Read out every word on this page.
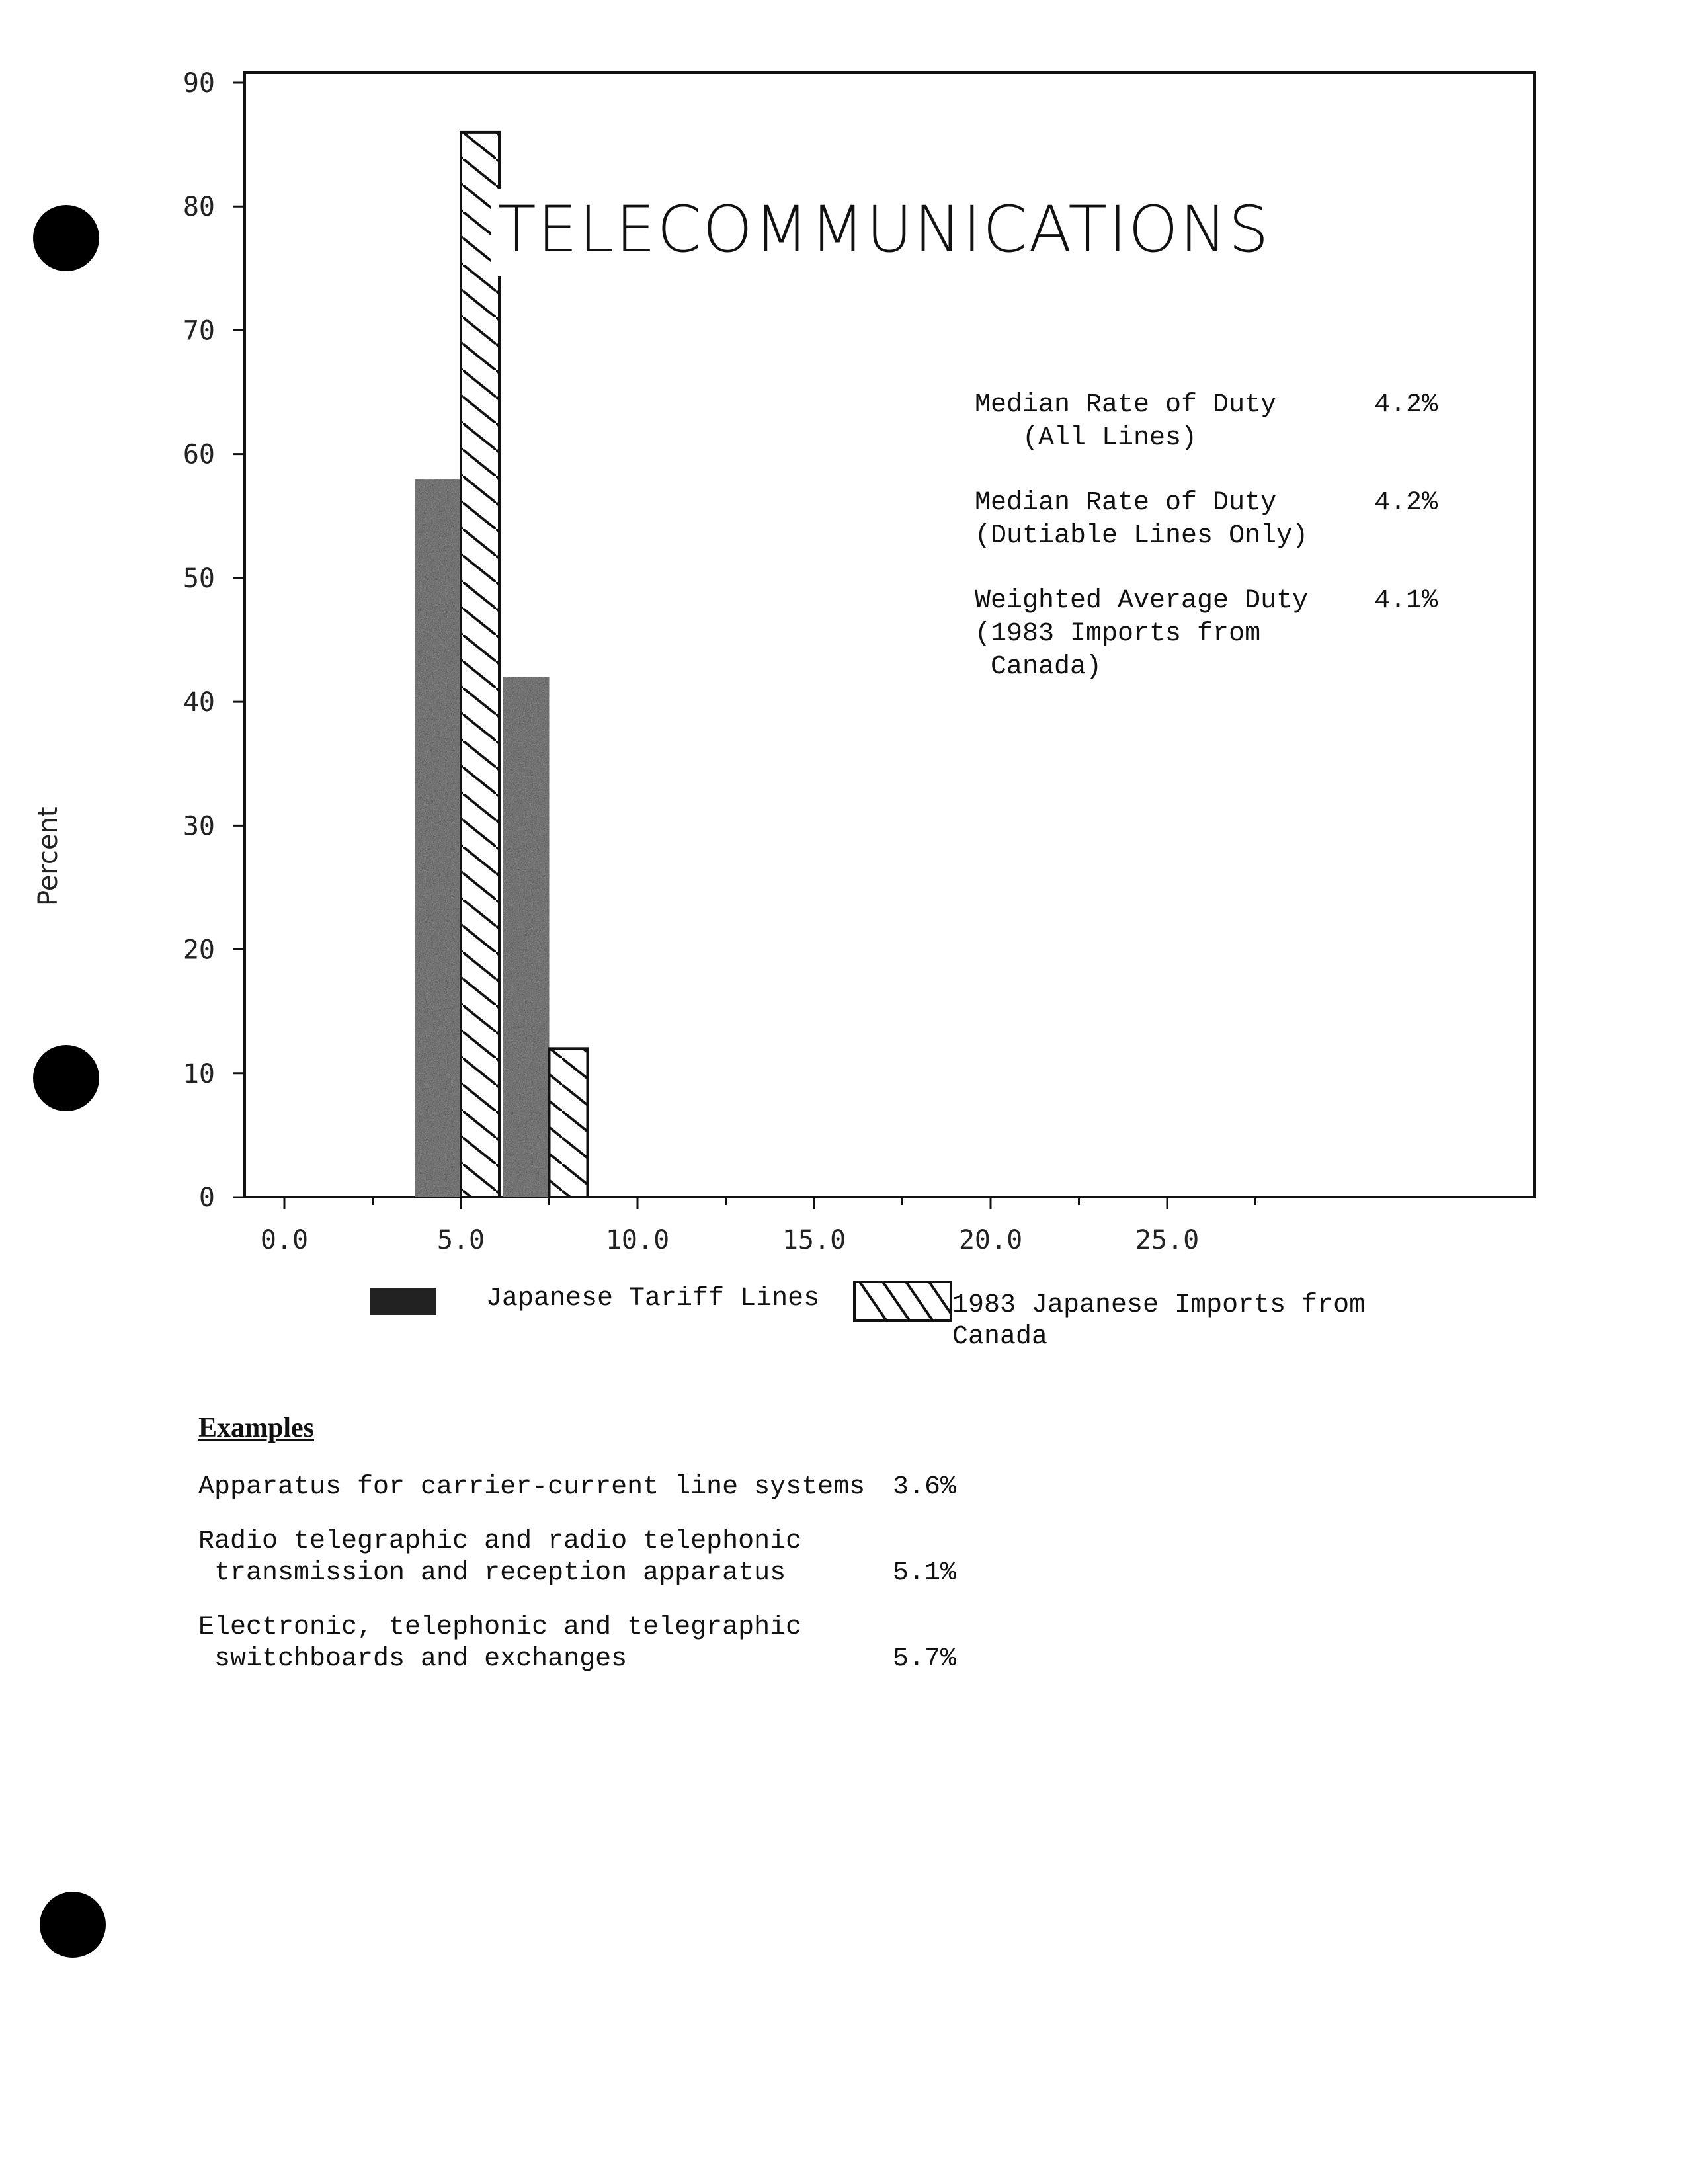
0
10
20
30
40
50
60
70
80
90
0.0	5.0	10.0	15.0	20.0	25.0
TELECOMMUNICATIONS
Percent
Median Rate of Duty
(All Lines)
4.2%
Median Rate of Duty
(Dutiable Lines Only)
4.2%
Weighted Average Duty
(1983 Imports from
Canada)
4.1%
Japanese Tariff Lines	1983 Japanese Imports from Canada
Examples
Apparatus for carrier-current line systems	3.6%
Radio telegraphic and radio telephonic
transmission and reception apparatus	5.1%
Electronic, telephonic and telegraphic
switchboards and exchanges	5.7%
